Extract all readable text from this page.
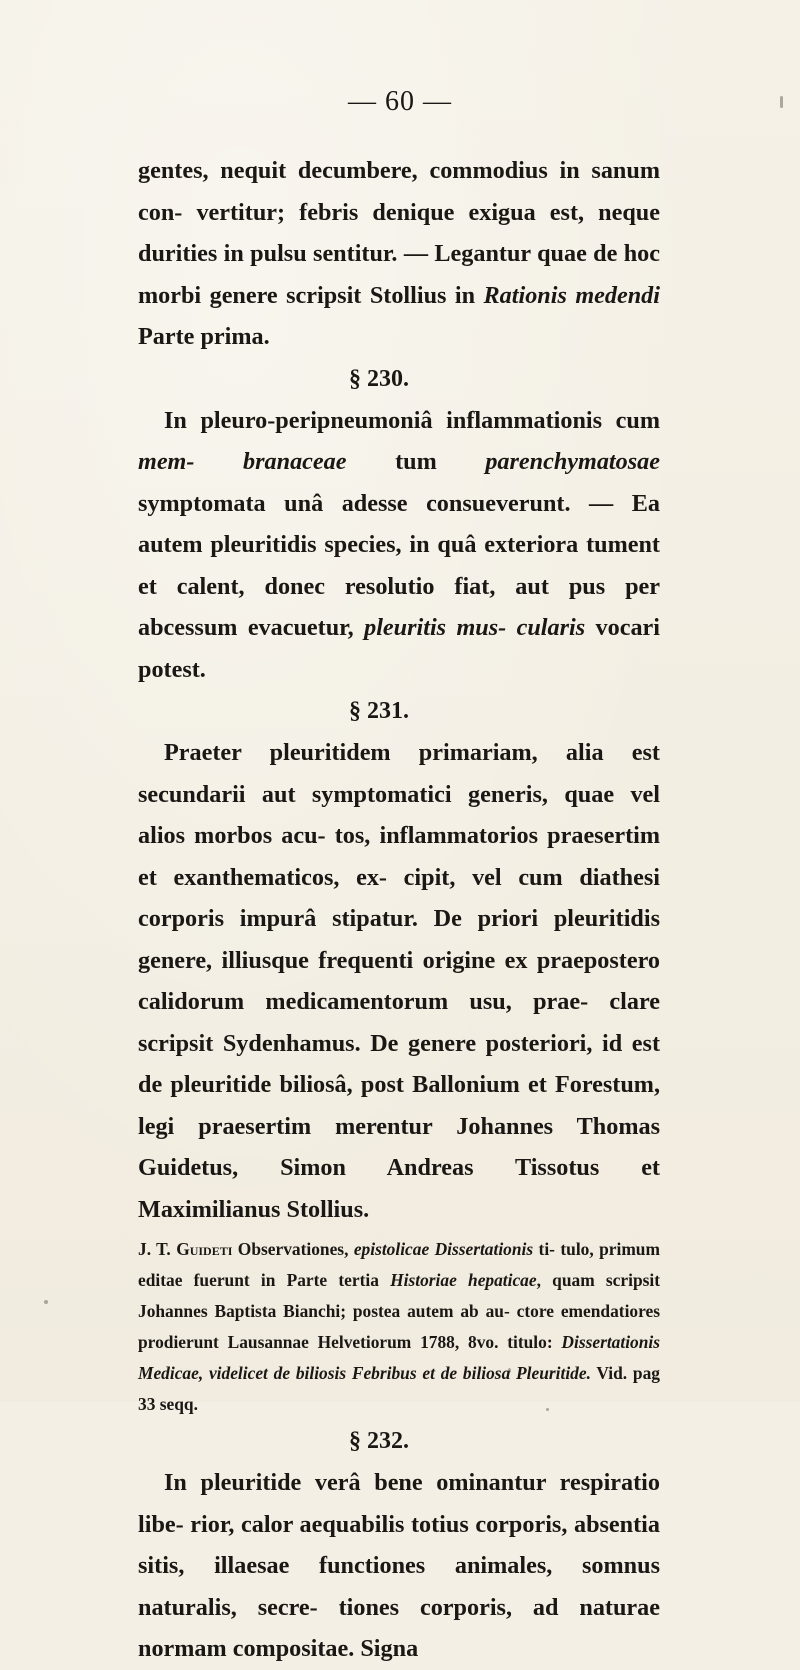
— 60 —

gentes, nequit decumbere, commodius in sanum con- vertitur; febris denique exigua est, neque durities in pulsu sentitur. — Legantur quae de hoc morbi genere scripsit Stollius in Rationis medendi Parte prima.

§ 230.

In pleuro-peripneumoniâ inflammationis cum mem- branaceae tum parenchymatosae symptomata unâ adesse consueverunt. — Ea autem pleuritidis species, in quâ exteriora tument et calent, donec resolutio fiat, aut pus per abcessum evacuetur, pleuritis mus- cularis vocari potest.

§ 231.

Praeter pleuritidem primariam, alia est secundarii aut symptomatici generis, quae vel alios morbos acu- tos, inflammatorios praesertim et exanthematicos, ex- cipit, vel cum diathesi corporis impurâ stipatur. De priori pleuritidis genere, illiusque frequenti origine ex praepostero calidorum medicamentorum usu, prae- clare scripsit Sydenhamus. De genere posteriori, id est de pleuritide biliosâ, post Ballonium et Forestum, legi praesertim merentur Johannes Thomas Guidetus, Simon Andreas Tissotus et Maximilianus Stollius.

J. T. Guideti Observationes, epistolicae Dissertationis ti- tulo, primum editae fuerunt in Parte tertia Historiae hepaticae, quam scripsit Johannes Baptista Bianchi; postea autem ab au- ctore emendatiores prodierunt Lausannae Helvetiorum 1788, 8vo. titulo: Dissertationis Medicae, videlicet de biliosis Febribus et de biliosa Pleuritide. Vid. pag 33 seqq.

§ 232.

In pleuritide verâ bene ominantur respiratio libe- rior, calor aequabilis totius corporis, absentia sitis, illaesae functiones animales, somnus naturalis, secre- tiones corporis, ad naturae normam compositae. Signa
